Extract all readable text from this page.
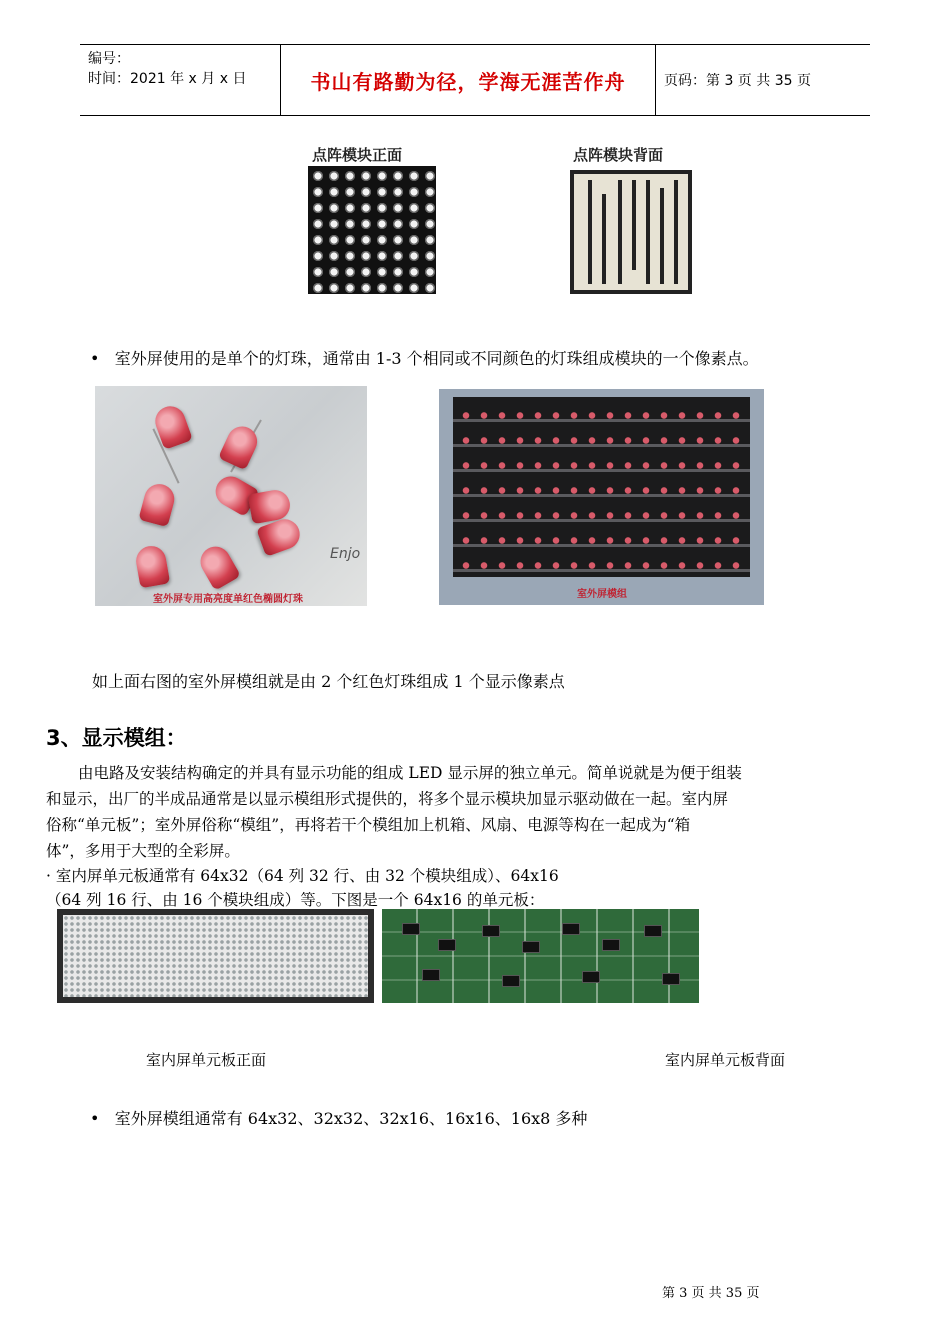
编号：
时间：2021 年 x 月 x 日	书山有路勤为径，学海无涯苦作舟	页码：第 3 页 共 35 页
点阵模块正面	点阵模块背面
•   室外屏使用的是单个的灯珠，通常由 1-3 个相同或不同颜色的灯珠组成模块的一个像素点。
Enjo
室外屏专用高亮度单红色椭圆灯珠	室外屏模组
如上面右图的室外屏模组就是由 2 个红色灯珠组成 1 个显示像素点
3、显示模组：
由电路及安装结构确定的并具有显示功能的组成 LED 显示屏的独立单元。简单说就是为便于组装
和显示，出厂的半成品通常是以显示模组形式提供的，将多个显示模块加显示驱动做在一起。室内屏
俗称“单元板”；室外屏俗称“模组”，再将若干个模组加上机箱、风扇、电源等构在一起成为“箱
体”，多用于大型的全彩屏。
· 室内屏单元板通常有 64x32（64 列 32 行、由 32 个模块组成）、64x16
（64 列 16 行、由 16 个模块组成）等。下图是一个 64x16 的单元板：
室内屏单元板正面	室内屏单元板背面
•   室外屏模组通常有 64x32、32x32、32x16、16x16、16x8 多种
第 3 页 共 35 页
